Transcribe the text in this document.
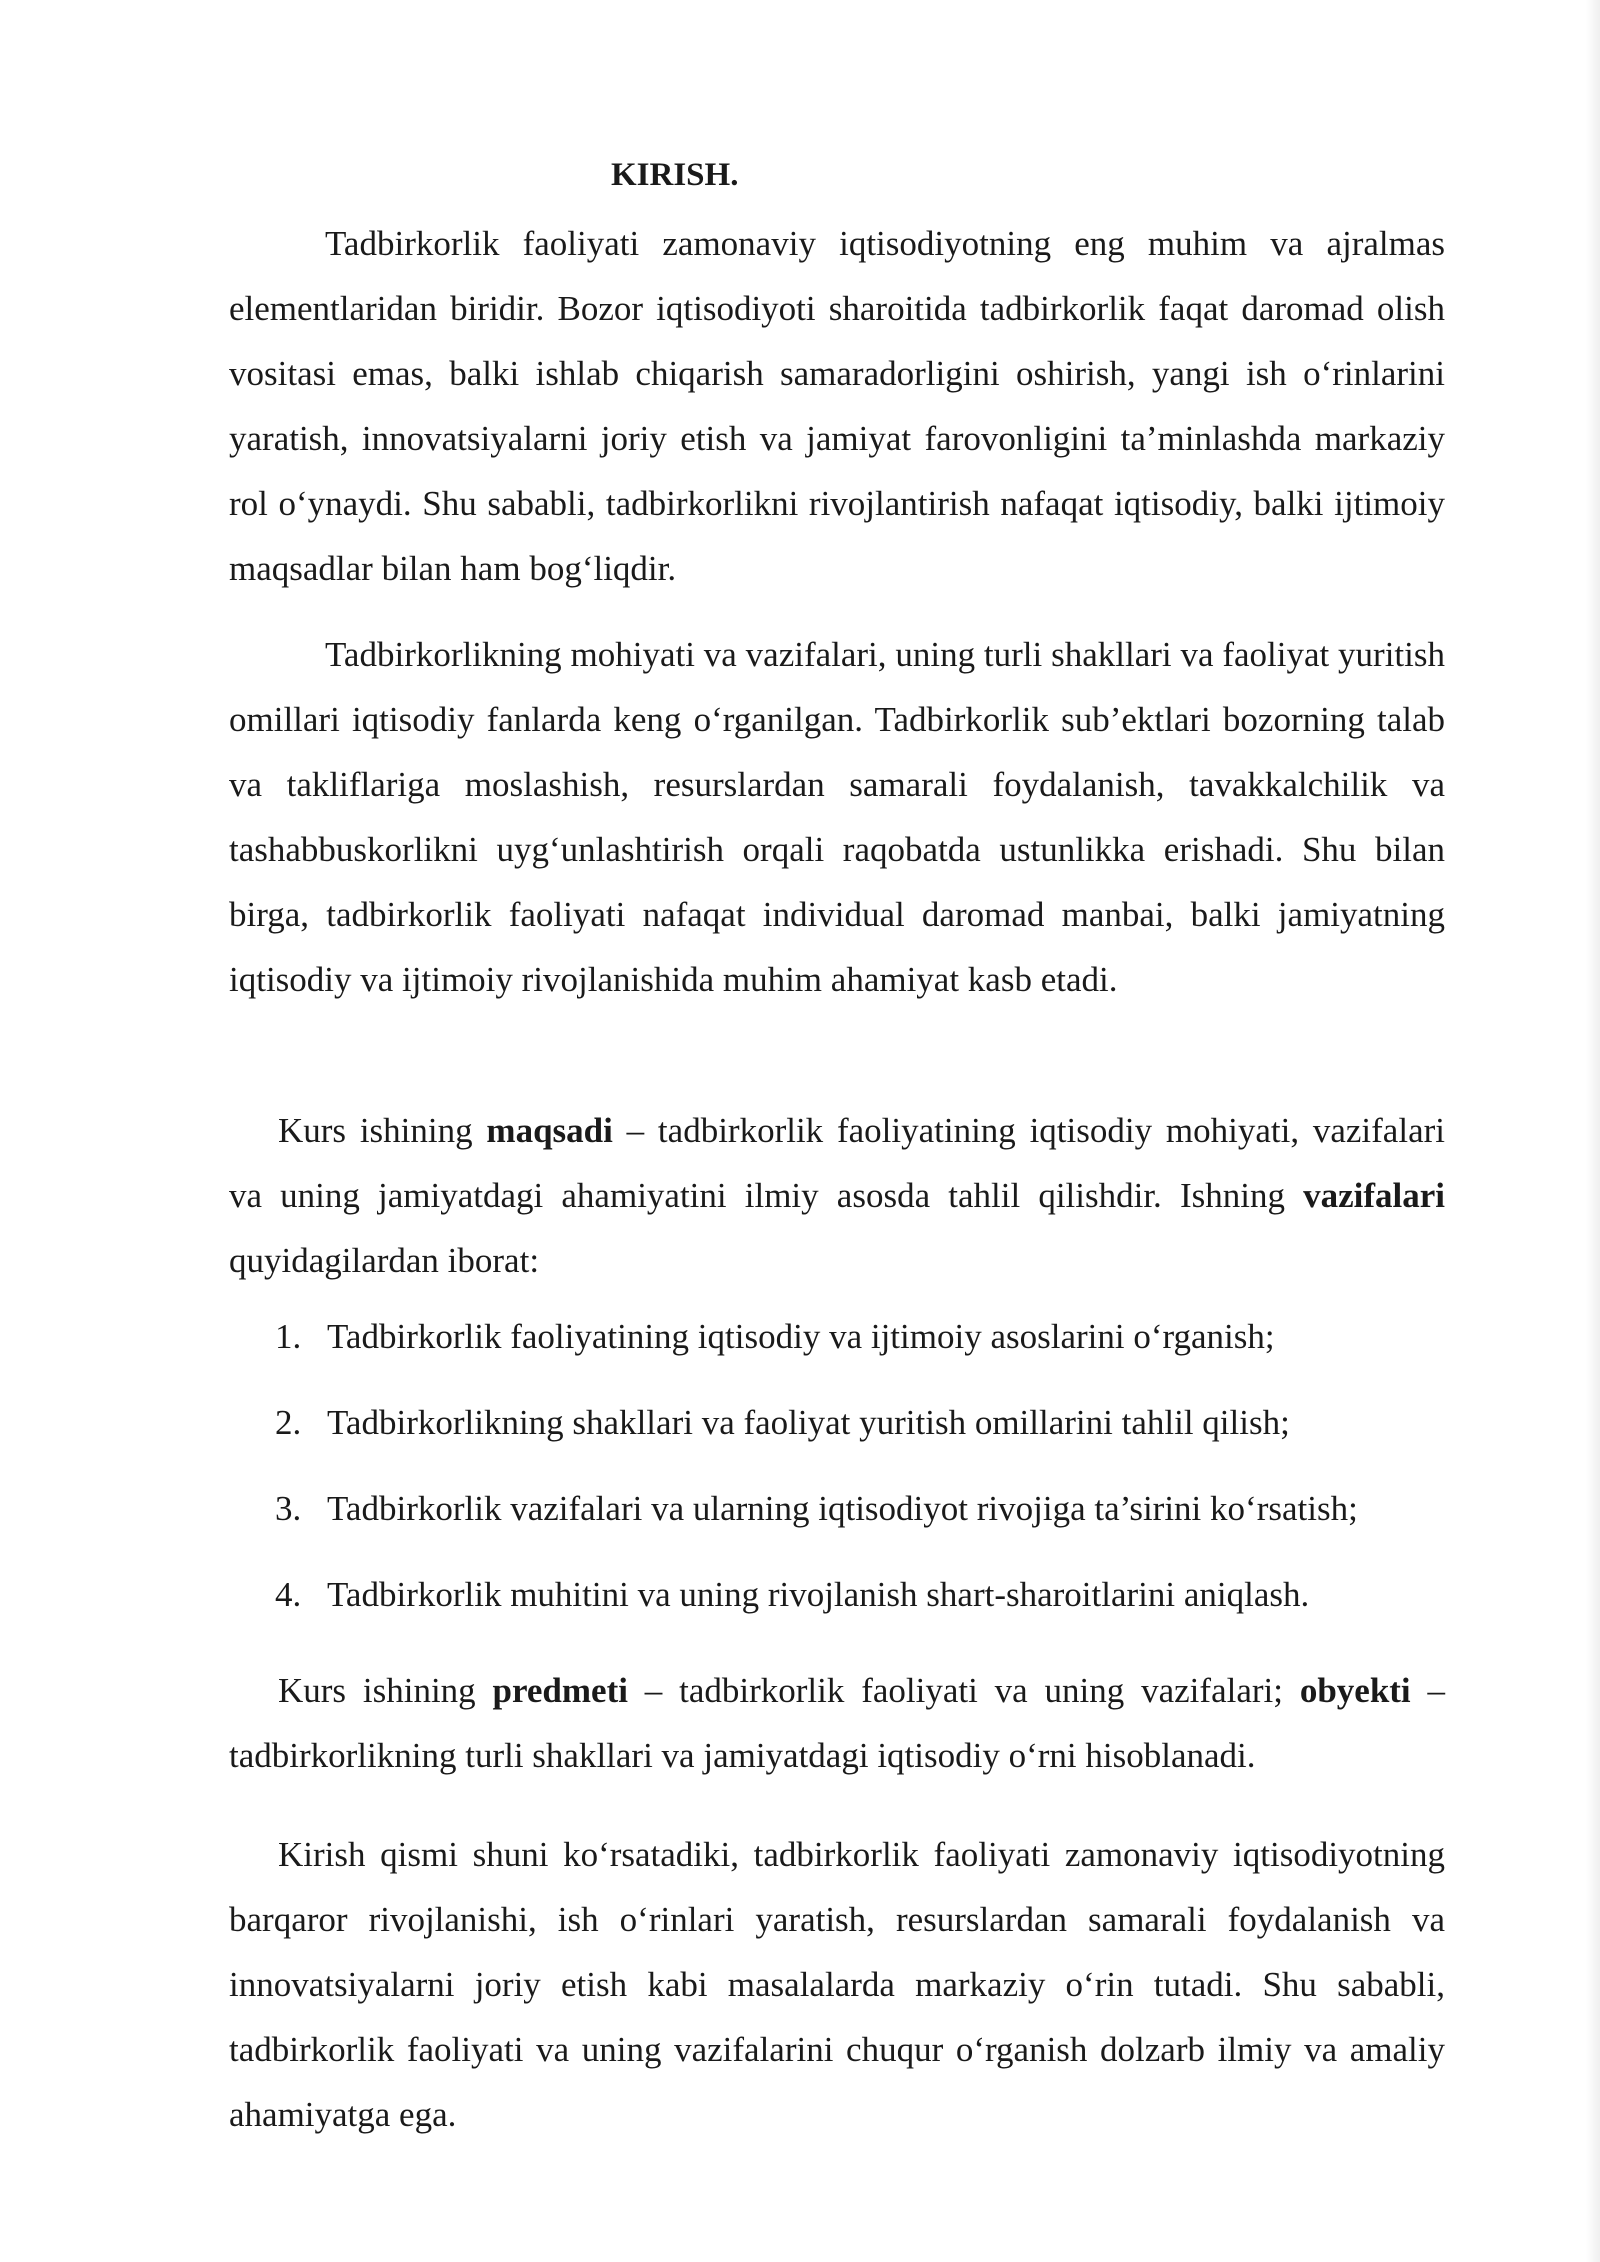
KIRISH.

Tadbirkorlik faoliyati zamonaviy iqtisodiyotning eng muhim va ajralmas elementlaridan biridir. Bozor iqtisodiyoti sharoitida tadbirkorlik faqat daromad olish vositasi emas, balki ishlab chiqarish samaradorligini oshirish, yangi ish o‘rinlarini yaratish, innovatsiyalarni joriy etish va jamiyat farovonligini ta’minlashda markaziy rol o‘ynaydi. Shu sababli, tadbirkorlikni rivojlantirish nafaqat iqtisodiy, balki ijtimoiy maqsadlar bilan ham bog‘liqdir.

Tadbirkorlikning mohiyati va vazifalari, uning turli shakllari va faoliyat yuritish omillari iqtisodiy fanlarda keng o‘rganilgan. Tadbirkorlik sub’ektlari bozorning talab va takliflariga moslashish, resurslardan samarali foydalanish, tavakkalchilik va tashabbuskorlikni uyg‘unlashtirish orqali raqobatda ustunlikka erishadi. Shu bilan birga, tadbirkorlik faoliyati nafaqat individual daromad manbai, balki jamiyatning iqtisodiy va ijtimoiy rivojlanishida muhim ahamiyat kasb etadi.

Kurs ishining maqsadi – tadbirkorlik faoliyatining iqtisodiy mohiyati, vazifalari va uning jamiyatdagi ahamiyatini ilmiy asosda tahlil qilishdir. Ishning vazifalari quyidagilardan iborat:

1. Tadbirkorlik faoliyatining iqtisodiy va ijtimoiy asoslarini o‘rganish;
2. Tadbirkorlikning shakllari va faoliyat yuritish omillarini tahlil qilish;
3. Tadbirkorlik vazifalari va ularning iqtisodiyot rivojiga ta’sirini ko‘rsatish;
4. Tadbirkorlik muhitini va uning rivojlanish shart-sharoitlarini aniqlash.

Kurs ishining predmeti – tadbirkorlik faoliyati va uning vazifalari; obyekti – tadbirkorlikning turli shakllari va jamiyatdagi iqtisodiy o‘rni hisoblanadi.

Kirish qismi shuni ko‘rsatadiki, tadbirkorlik faoliyati zamonaviy iqtisodiyotning barqaror rivojlanishi, ish o‘rinlari yaratish, resurslardan samarali foydalanish va innovatsiyalarni joriy etish kabi masalalarda markaziy o‘rin tutadi. Shu sababli, tadbirkorlik faoliyati va uning vazifalarini chuqur o‘rganish dolzarb ilmiy va amaliy ahamiyatga ega.
